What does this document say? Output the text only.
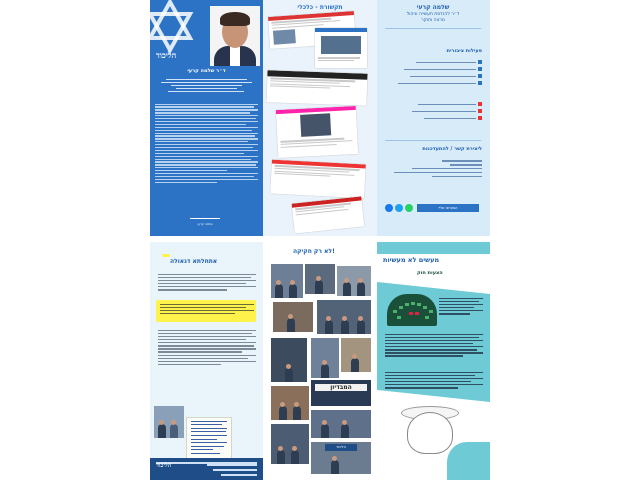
הליכוד
ד״ר שלמה קרעי
שלמה קרעי
תקשורת - כלכלי	שלמה קרעי
ד״ר להנדסת תעשייה וניהול
מרצה וחוקר
פעילות ציבורית
ליצירת קשר / להתעדכנות
הצטרפו אליי
אתחלתא דגאולה
הליכוד
לא רק חקיקה!
המבדיון
הליכוד
מעשים לא מעשיות
הצעות חוק
